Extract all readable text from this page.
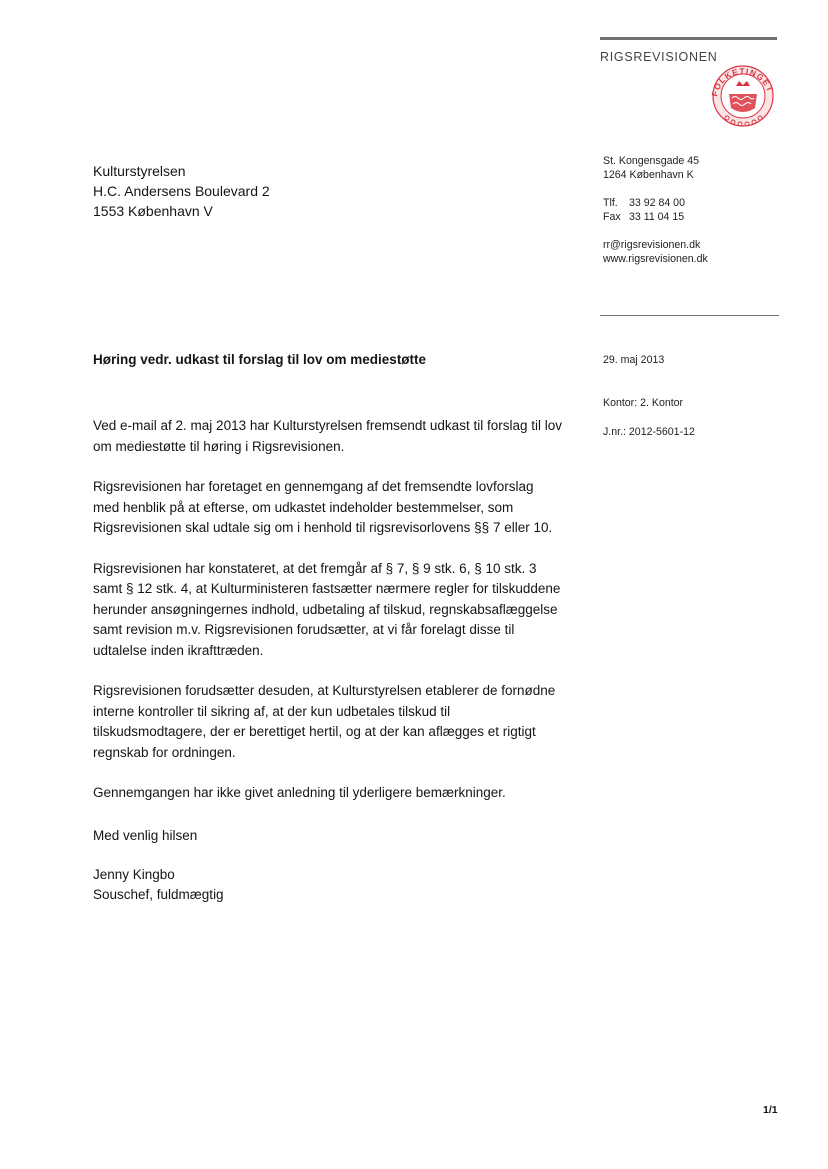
RIGSREVISIONEN
FOLKETINGET
Kulturstyrelsen
H.C. Andersens Boulevard 2
1553 København V
St. Kongensgade 45
1264 København K
Tlf. 33 92 84 00
Fax 33 11 04 15
rr@rigsrevisionen.dk
www.rigsrevisionen.dk
29. maj 2013
Kontor: 2. Kontor
J.nr.: 2012-5601-12
Høring vedr. udkast til forslag til lov om mediestøtte

Ved e-mail af 2. maj 2013 har Kulturstyrelsen fremsendt udkast til forslag til lov om mediestøtte til høring i Rigsrevisionen.

Rigsrevisionen har foretaget en gennemgang af det fremsendte lovforslag med henblik på at efterse, om udkastet indeholder bestemmelser, som Rigsrevisionen skal udtale sig om i henhold til rigsrevisorlovens §§ 7 eller 10.

Rigsrevisionen har konstateret, at det fremgår af § 7, § 9 stk. 6, § 10 stk. 3 samt § 12 stk. 4, at Kulturministeren fastsætter nærmere regler for tilskuddene herunder ansøgningernes indhold, udbetaling af tilskud, regnskabsaflæggelse samt revision m.v. Rigsrevisionen forudsætter, at vi får forelagt disse til udtalelse inden ikrafttræden.

Rigsrevisionen forudsætter desuden, at Kulturstyrelsen etablerer de fornødne interne kontroller til sikring af, at der kun udbetales tilskud til tilskudsmodtagere, der er berettiget hertil, og at der kan aflægges et rigtigt regnskab for ordningen.

Gennemgangen har ikke givet anledning til yderligere bemærkninger.

Med venlig hilsen
Jenny Kingbo
Souschef, fuldmægtig
1/1
